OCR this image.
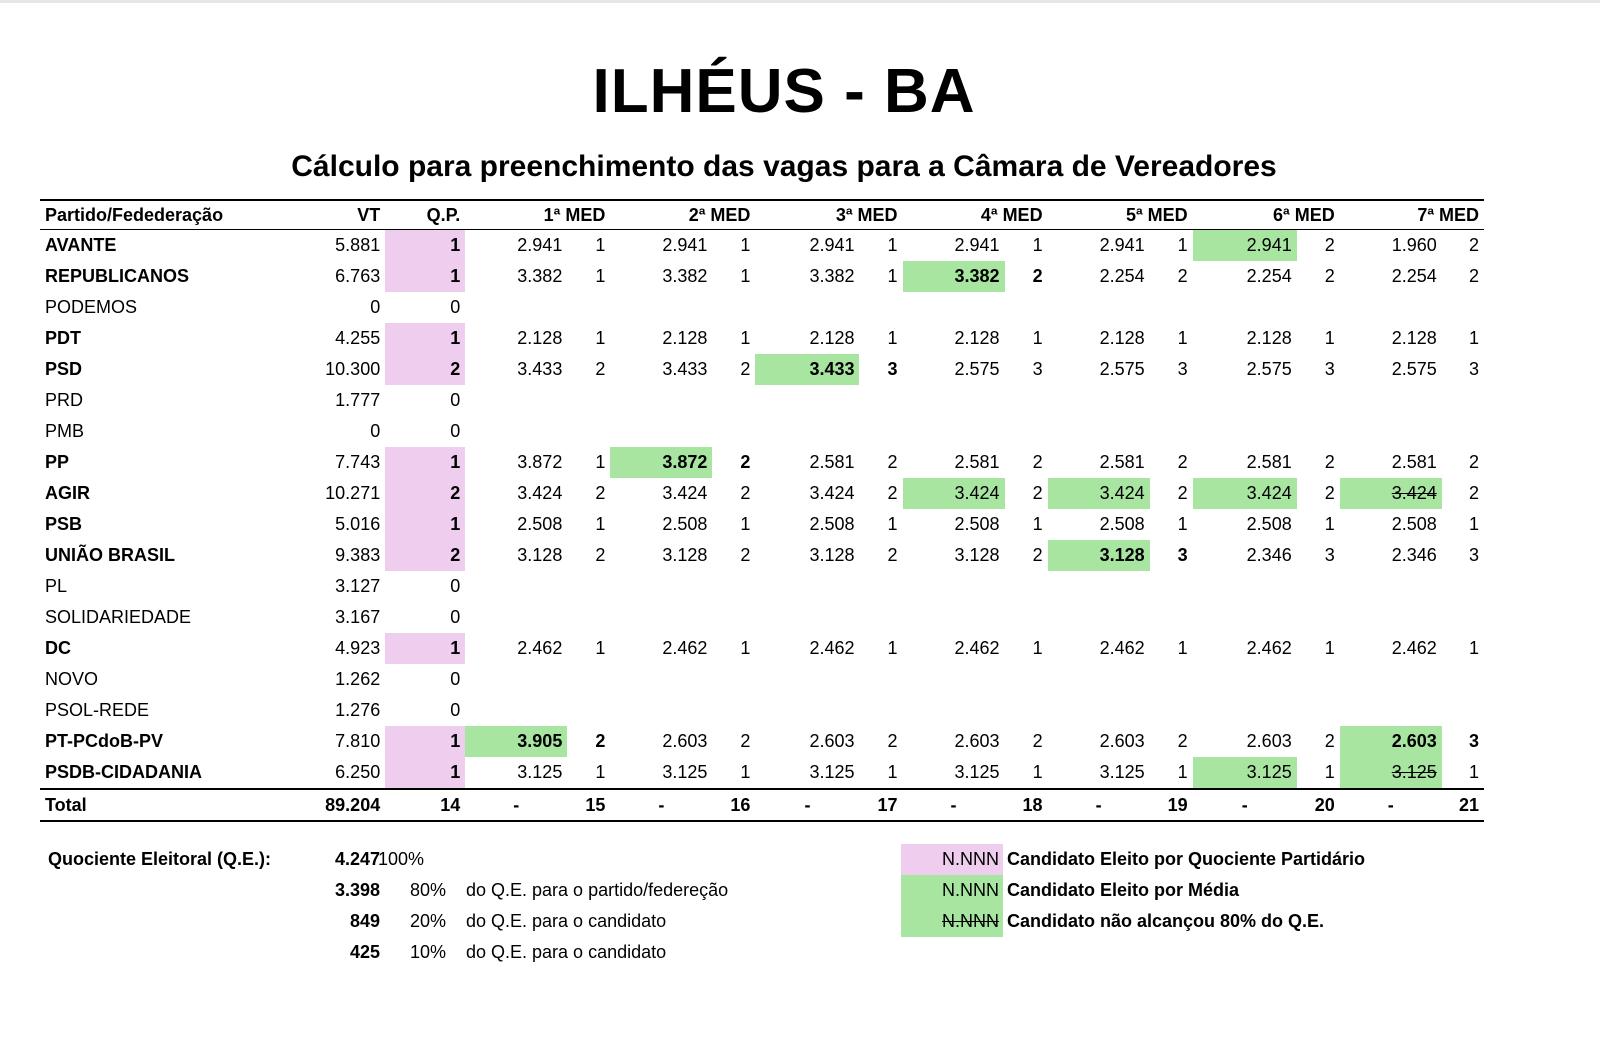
ILHÉUS - BA
Cálculo para preenchimento das vagas para a Câmara de Vereadores
Partido/Fedederação	VT	Q.P.	1ª MED		2ª MED		3ª MED		4ª MED		5ª MED		6ª MED		7ª MED	
AVANTE	5.881	1	2.941	1	2.941	1	2.941	1	2.941	1	2.941	1	2.941	2	1.960	2
REPUBLICANOS	6.763	1	3.382	1	3.382	1	3.382	1	3.382	2	2.254	2	2.254	2	2.254	2
PODEMOS	0	0														
PDT	4.255	1	2.128	1	2.128	1	2.128	1	2.128	1	2.128	1	2.128	1	2.128	1
PSD	10.300	2	3.433	2	3.433	2	3.433	3	2.575	3	2.575	3	2.575	3	2.575	3
PRD	1.777	0														
PMB	0	0														
PP	7.743	1	3.872	1	3.872	2	2.581	2	2.581	2	2.581	2	2.581	2	2.581	2
AGIR	10.271	2	3.424	2	3.424	2	3.424	2	3.424	2	3.424	2	3.424	2	3.424	2
PSB	5.016	1	2.508	1	2.508	1	2.508	1	2.508	1	2.508	1	2.508	1	2.508	1
UNIÃO BRASIL	9.383	2	3.128	2	3.128	2	3.128	2	3.128	2	3.128	3	2.346	3	2.346	3
PL	3.127	0														
SOLIDARIEDADE	3.167	0														
DC	4.923	1	2.462	1	2.462	1	2.462	1	2.462	1	2.462	1	2.462	1	2.462	1
NOVO	1.262	0														
PSOL-REDE	1.276	0														
PT-PCdoB-PV	7.810	1	3.905	2	2.603	2	2.603	2	2.603	2	2.603	2	2.603	2	2.603	3
PSDB-CIDADANIA	6.250	1	3.125	1	3.125	1	3.125	1	3.125	1	3.125	1	3.125	1	3.125	1
Total	89.204	14	-	15	-	16	-	17	-	18	-	19	-	20	-	21
Quociente Eleitoral (Q.E.):	4.247
100%
3.398	80% do Q.E. para o partido/federeção
849	20% do Q.E. para o candidato
425	10% do Q.E. para o candidato
N.NNN Candidato Eleito por Quociente Partidário
N.NNN Candidato Eleito por Média
N.NNN Candidato não alcançou 80% do Q.E.
